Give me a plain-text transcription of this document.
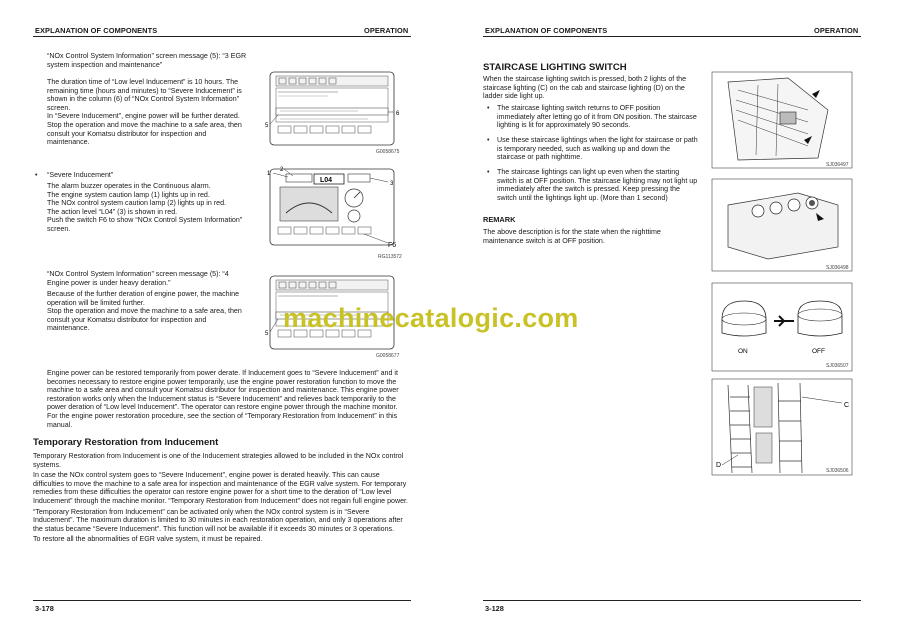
EXPLANATION OF COMPONENTS	OPERATION
“NOx Control System Information” screen message (5): “3 EGR system inspection and maintenance”

The duration time of “Low level Inducement” is 10 hours. The remaining time (hours and minutes) to “Severe Inducement” is shown in the column (6) of “NOx Control System Information” screen.

In “Severe Inducement”, engine power will be further derated.

Stop the operation and move the machine to a safe area, then consult your Komatsu distributor for inspection and maintenance.

• “Severe Inducement”

The alarm buzzer operates in the Continuous alarm.

The engine system caution lamp (1) lights up in red.

The NOx control system caution lamp (2) lights up in red.

The action level “L04” (3) is shown in red.

Push the switch F6 to show “NOx Control System Information” screen.

“NOx Control System Information” screen message (5): “4 Engine power is under heavy deration.”

Because of the further deration of engine power, the machine operation will be limited further.

Stop the operation and move the machine to a safe area, then consult your Komatsu distributor for inspection and maintenance.

5
6
G0058675
L04
1
2
3
F6
RG113572
5
G0058677
Engine power can be restored temporarily from power derate. If Inducement goes to “Severe Inducement” and it becomes necessary to restore engine power temporarily, use the engine power restoration function to move the machine to a safe area and consult your Komatsu distributor for inspection and maintenance. This engine power restoration works only when the Inducement status is “Severe Inducement” and relieves back temporarily to the power deration of “Low level Inducement”. The operator can restore engine power through the machine monitor. For the engine power restoration procedure, see the section of “Temporary Restoration from Inducement” in this manual.
Temporary Restoration from Inducement

Temporary Restoration from Inducement is one of the Inducement strategies allowed to be included in the NOx control systems.

In case the NOx control system goes to “Severe Inducement”, engine power is derated heavily. This can cause difficulties to move the machine to a safe area for inspection and maintenance of the EGR valve system. For temporary remedies from these difficulties the operator can restore engine power for a short time to the deration of “Low level Inducement” through the machine monitor. “Temporary Restoration from Inducement” does not regain full engine power.

“Temporary Restoration from Inducement” can be activated only when the NOx control system is in “Severe Inducement”. The maximum duration is limited to 30 minutes in each restoration operation, and only 3 operations after the status became “Severe Inducement”. This function will not be available if it exceeds 30 minutes or 3 operations.

To restore all the abnormalities of EGR valve system, it must be repaired.

3-178
EXPLANATION OF COMPONENTS	OPERATION
STAIRCASE LIGHTING SWITCH
When the staircase lighting switch is pressed, both 2 lights of the staircase lighting (C) on the cab and staircase lighting (D) on the ladder side light up.
• The staircase lighting switch returns to OFF position immediately after letting go of it from ON position. The staircase lighting is lit for approximately 90 seconds.
• Use these staircase lightings when the light for staircase or path is temporary needed, such as walking up and down the staircase or path nighttime.
• The staircase lightings can light up even when the starting switch is at OFF position. The staircase lighting may not light up immediately after the switch is pressed. Keep pressing the switch until the lightings light up. (More than 1 second)
REMARK
The above description is for the state when the nighttime maintenance switch is at OFF position.
SJ036497
SJ036498
ON	OFF
SJ036507
C
D
SJ036506
3-128
machinecatalogic.com
